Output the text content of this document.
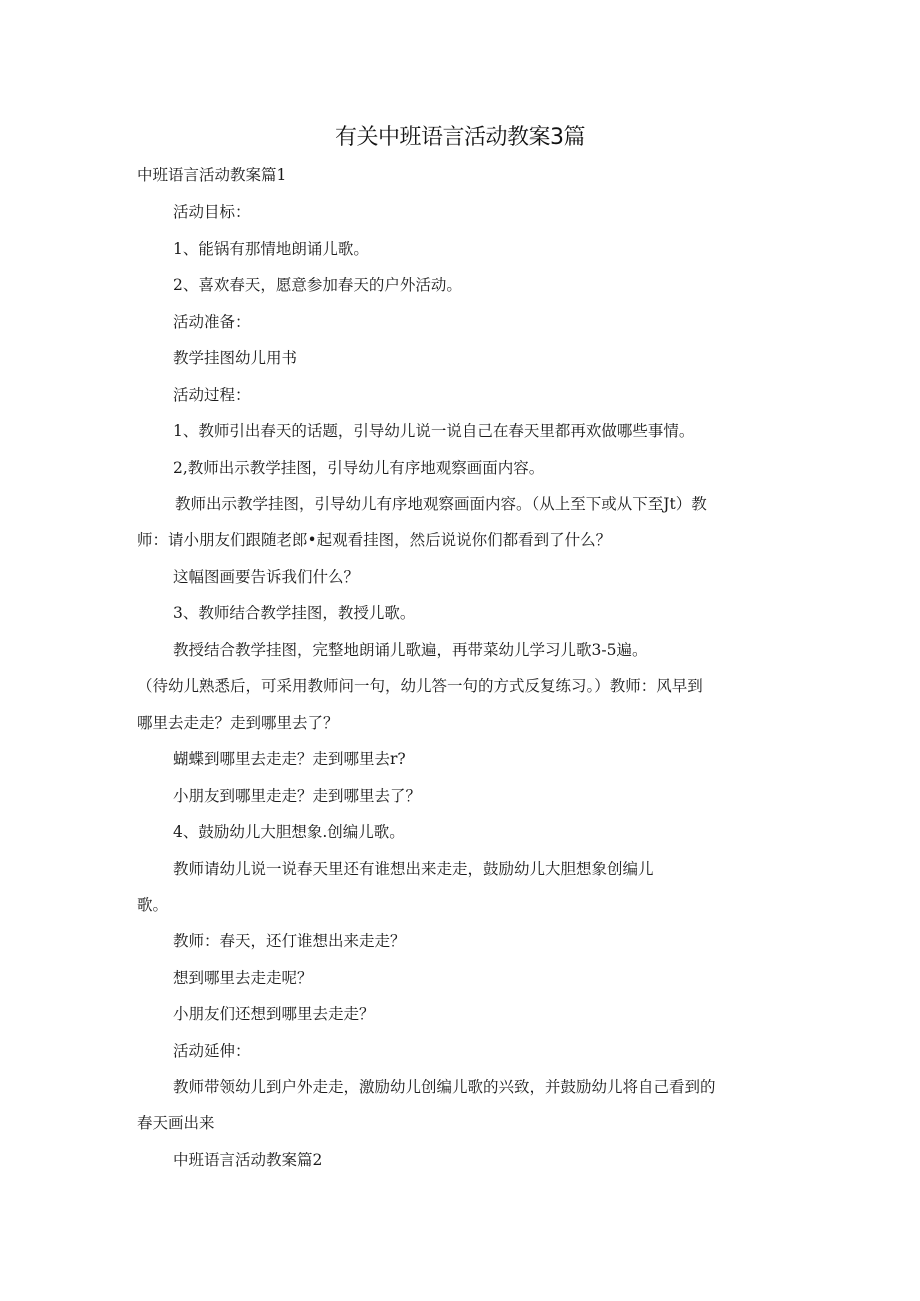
有关中班语言活动教案3篇
中班语言活动教案篇1
活动目标：
1、能锅有那情地朗诵儿歌。
2、喜欢春天，愿意参加春天的户外活动。
活动准备：
教学挂图幼儿用书
活动过程：
1、教师引出春天的话题，引导幼儿说一说自己在春天里都再欢做哪些事情。
2,教师出示教学挂图，引导幼儿有序地观察画面内容。
教师出示教学挂图，引导幼儿有序地观察画面内容。（从上至下或从下至Jt）教
师：请小朋友们跟随老郎•起观看挂图，然后说说你们都看到了什么？
这幅图画要告诉我们什么？
3、教师结合教学挂图，教授儿歌。
教授结合教学挂图，完整地朗诵儿歌遍，再带菜幼儿学习儿歌3-5遍。
（待幼儿熟悉后，可采用教师问一句，幼儿答一句的方式反复练习。）教师：风早到
哪里去走走？走到哪里去了？
蝴蝶到哪里去走走？走到哪里去r?
小朋友到哪里走走？走到哪里去了？
4、鼓励幼儿大胆想象.创编儿歌。
教师请幼儿说一说春天里还有谁想出来走走，鼓励幼儿大胆想象创编儿
歌。
教师：春天，还仃谁想出来走走？
想到哪里去走走呢？
小朋友们还想到哪里去走走？
活动延伸：
教师带领幼儿到户外走走，激励幼儿创编儿歌的兴致，并鼓励幼儿将自己看到的
春天画出来
中班语言活动教案篇2
